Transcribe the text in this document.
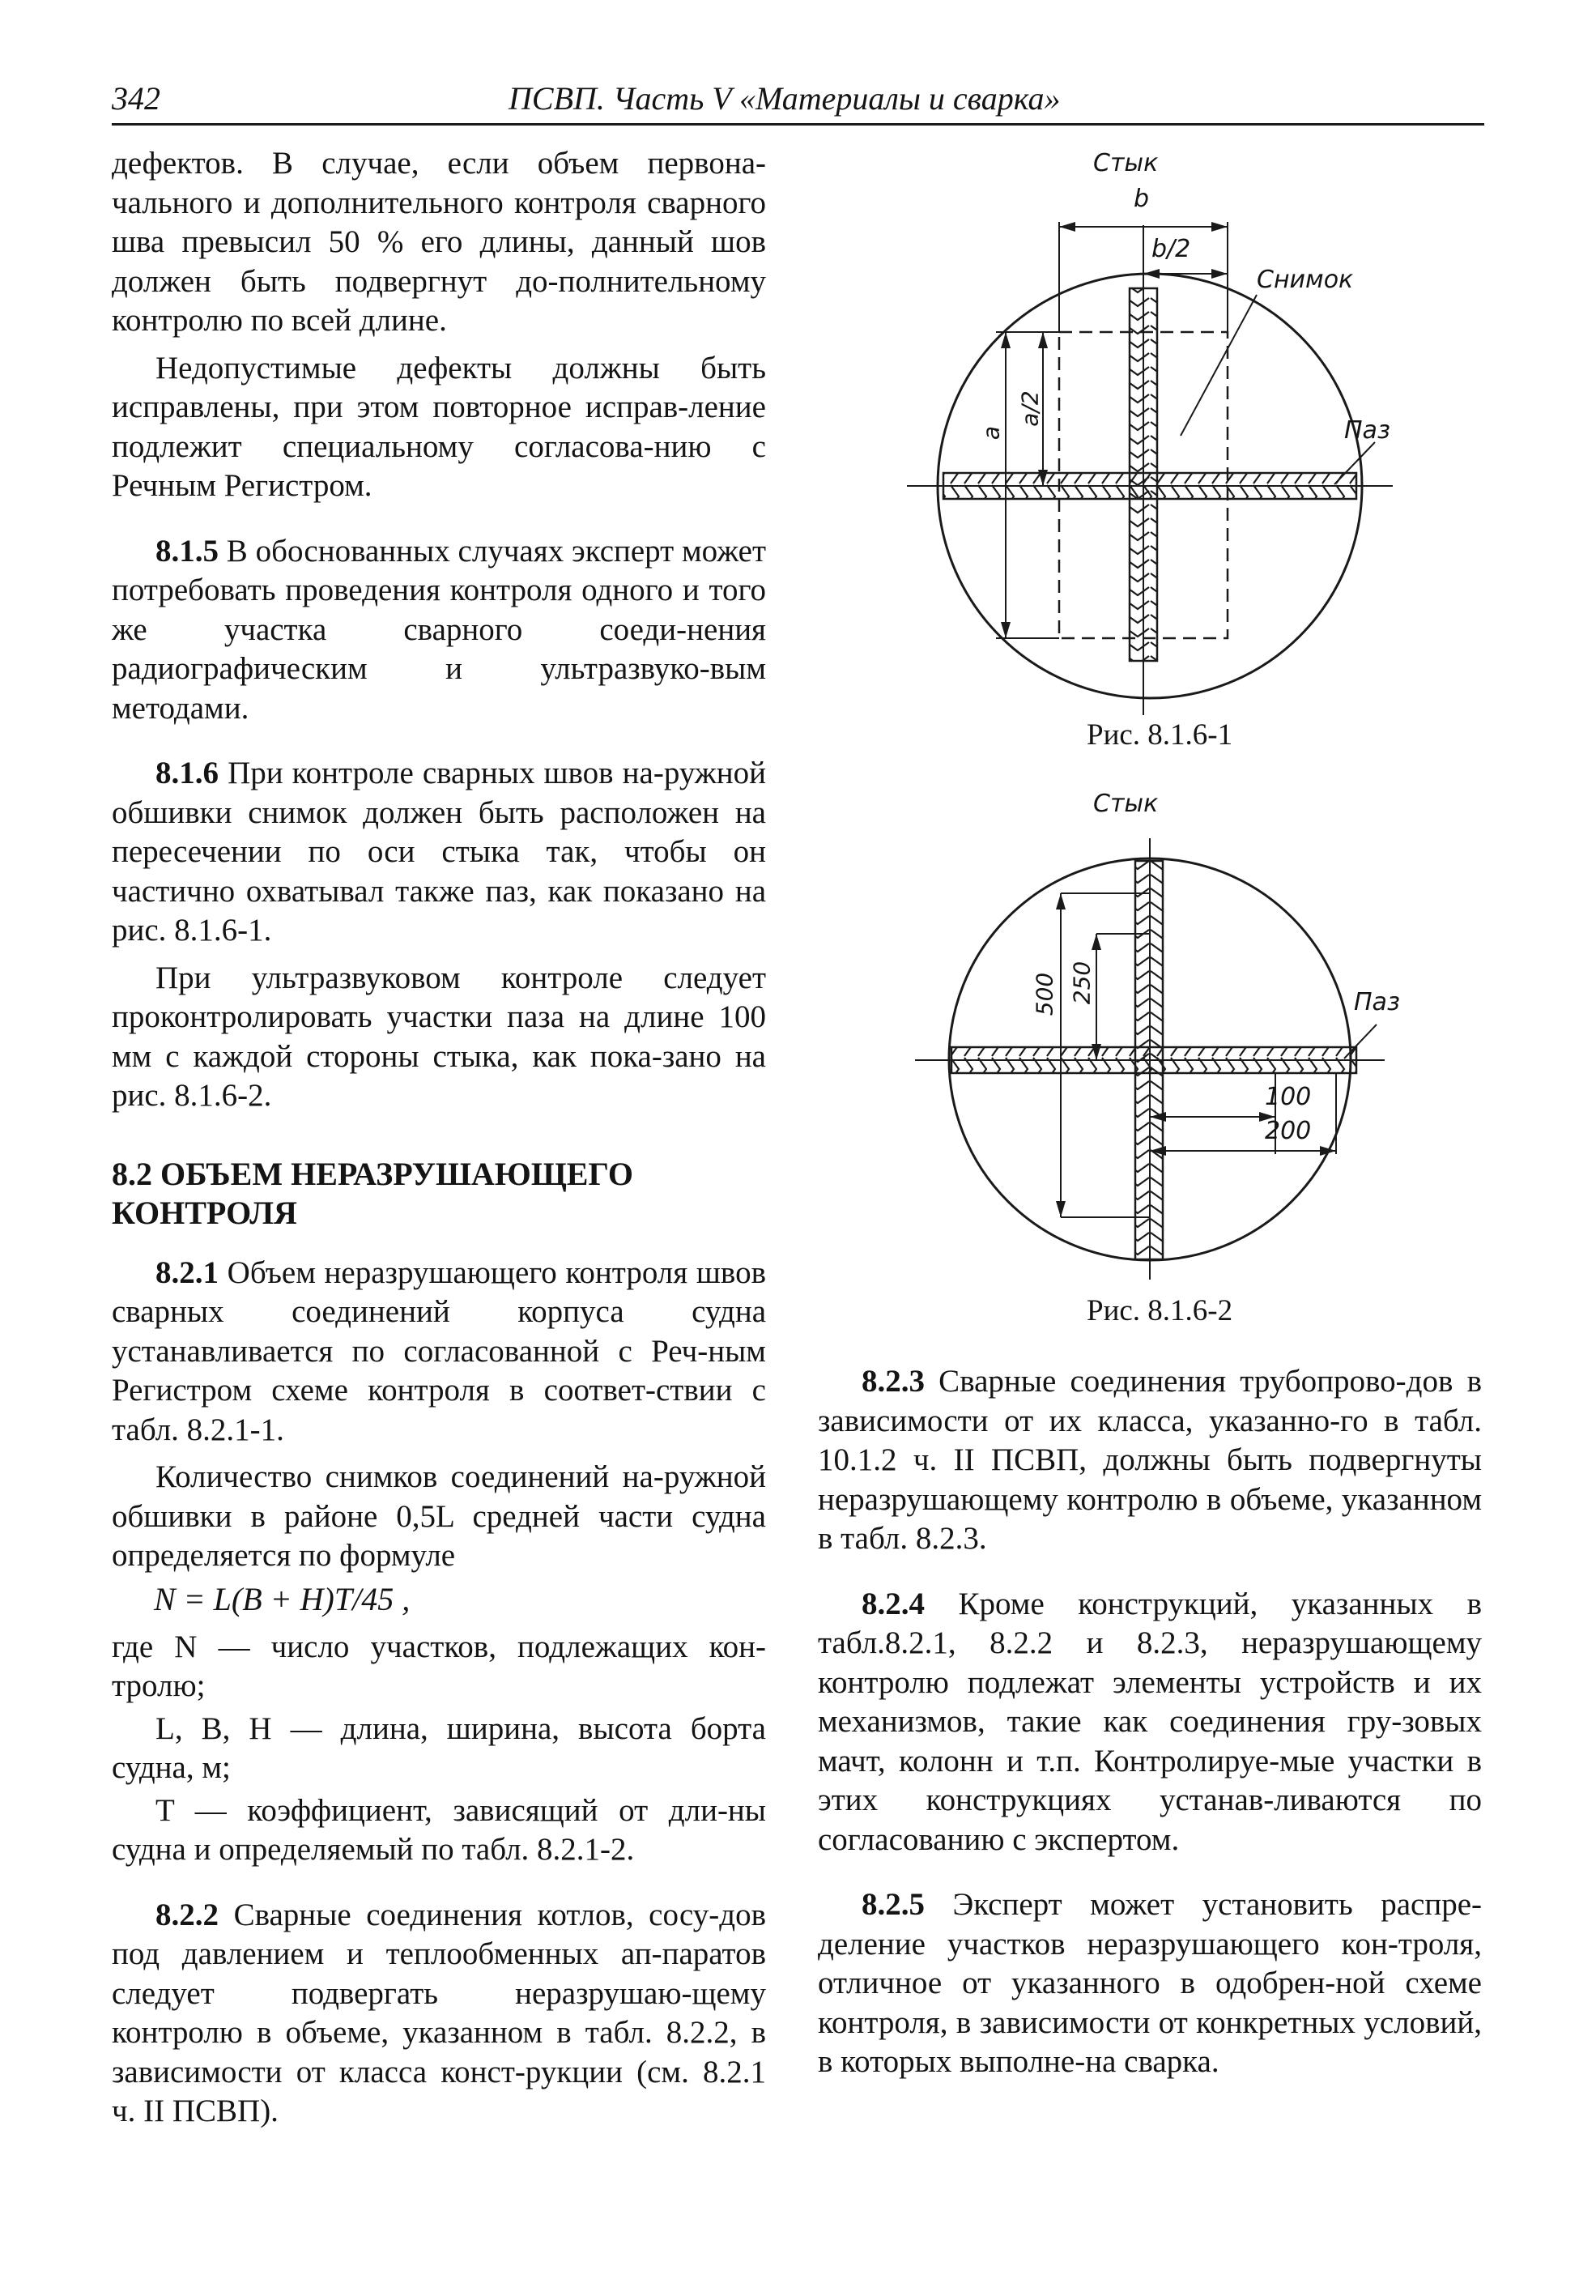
342	ПСВП. Часть V «Материалы и сварка»

дефектов. В случае, если объем первона-чального и дополнительного контроля сварного шва превысил 50 % его длины, данный шов должен быть подвергнут до-полнительному контролю по всей длине.

Недопустимые дефекты должны быть исправлены, при этом повторное исправ-ление подлежит специальному согласова-нию с Речным Регистром.

8.1.5 В обоснованных случаях эксперт может потребовать проведения контроля одного и того же участка сварного соеди-нения радиографическим и ультразвуко-вым методами.

8.1.6 При контроле сварных швов на-ружной обшивки снимок должен быть расположен на пересечении по оси стыка так, чтобы он частично охватывал также паз, как показано на рис. 8.1.6-1.

При ультразвуковом контроле следует проконтролировать участки паза на длине 100 мм с каждой стороны стыка, как пока-зано на рис. 8.1.6-2.

8.2 ОБЪЕМ НЕРАЗРУШАЮЩЕГО

КОНТРОЛЯ

8.2.1 Объем неразрушающего контроля швов сварных соединений корпуса судна устанавливается по согласованной с Реч-ным Регистром схеме контроля в соответ-ствии с табл. 8.2.1-1.

Количество снимков соединений на-ружной обшивки в районе 0,5L средней части судна определяется по формуле

N = L(B + H)T/45 ,

где N — число участков, подлежащих кон-тролю;

L, B, H — длина, ширина, высота борта судна, м;

T — коэффициент, зависящий от дли-ны судна и определяемый по табл. 8.2.1-2.

8.2.2 Сварные соединения котлов, сосу-дов под давлением и теплообменных ап-паратов следует подвергать неразрушаю-щему контролю в объеме, указанном в табл. 8.2.2, в зависимости от класса конст-рукции (см. 8.2.1 ч. II ПСВП).

Стык
b
b/2
Снимок
Паз
a
a/2
Рис. 8.1.6-1
Стык
Паз
500 250
100
200
Рис. 8.1.6-2

8.2.3 Сварные соединения трубопрово-дов в зависимости от их класса, указанно-го в табл. 10.1.2 ч. II ПСВП, должны быть подвергнуты неразрушающему контролю в объеме, указанном в табл. 8.2.3.

8.2.4 Кроме конструкций, указанных в табл.8.2.1, 8.2.2 и 8.2.3, неразрушающему контролю подлежат элементы устройств и их механизмов, такие как соединения гру-зовых мачт, колонн и т.п. Контролируе-мые участки в этих конструкциях устанав-ливаются по согласованию с экспертом.

8.2.5 Эксперт может установить распре-деление участков неразрушающего кон-троля, отличное от указанного в одобрен-ной схеме контроля, в зависимости от конкретных условий, в которых выполне-на сварка.
